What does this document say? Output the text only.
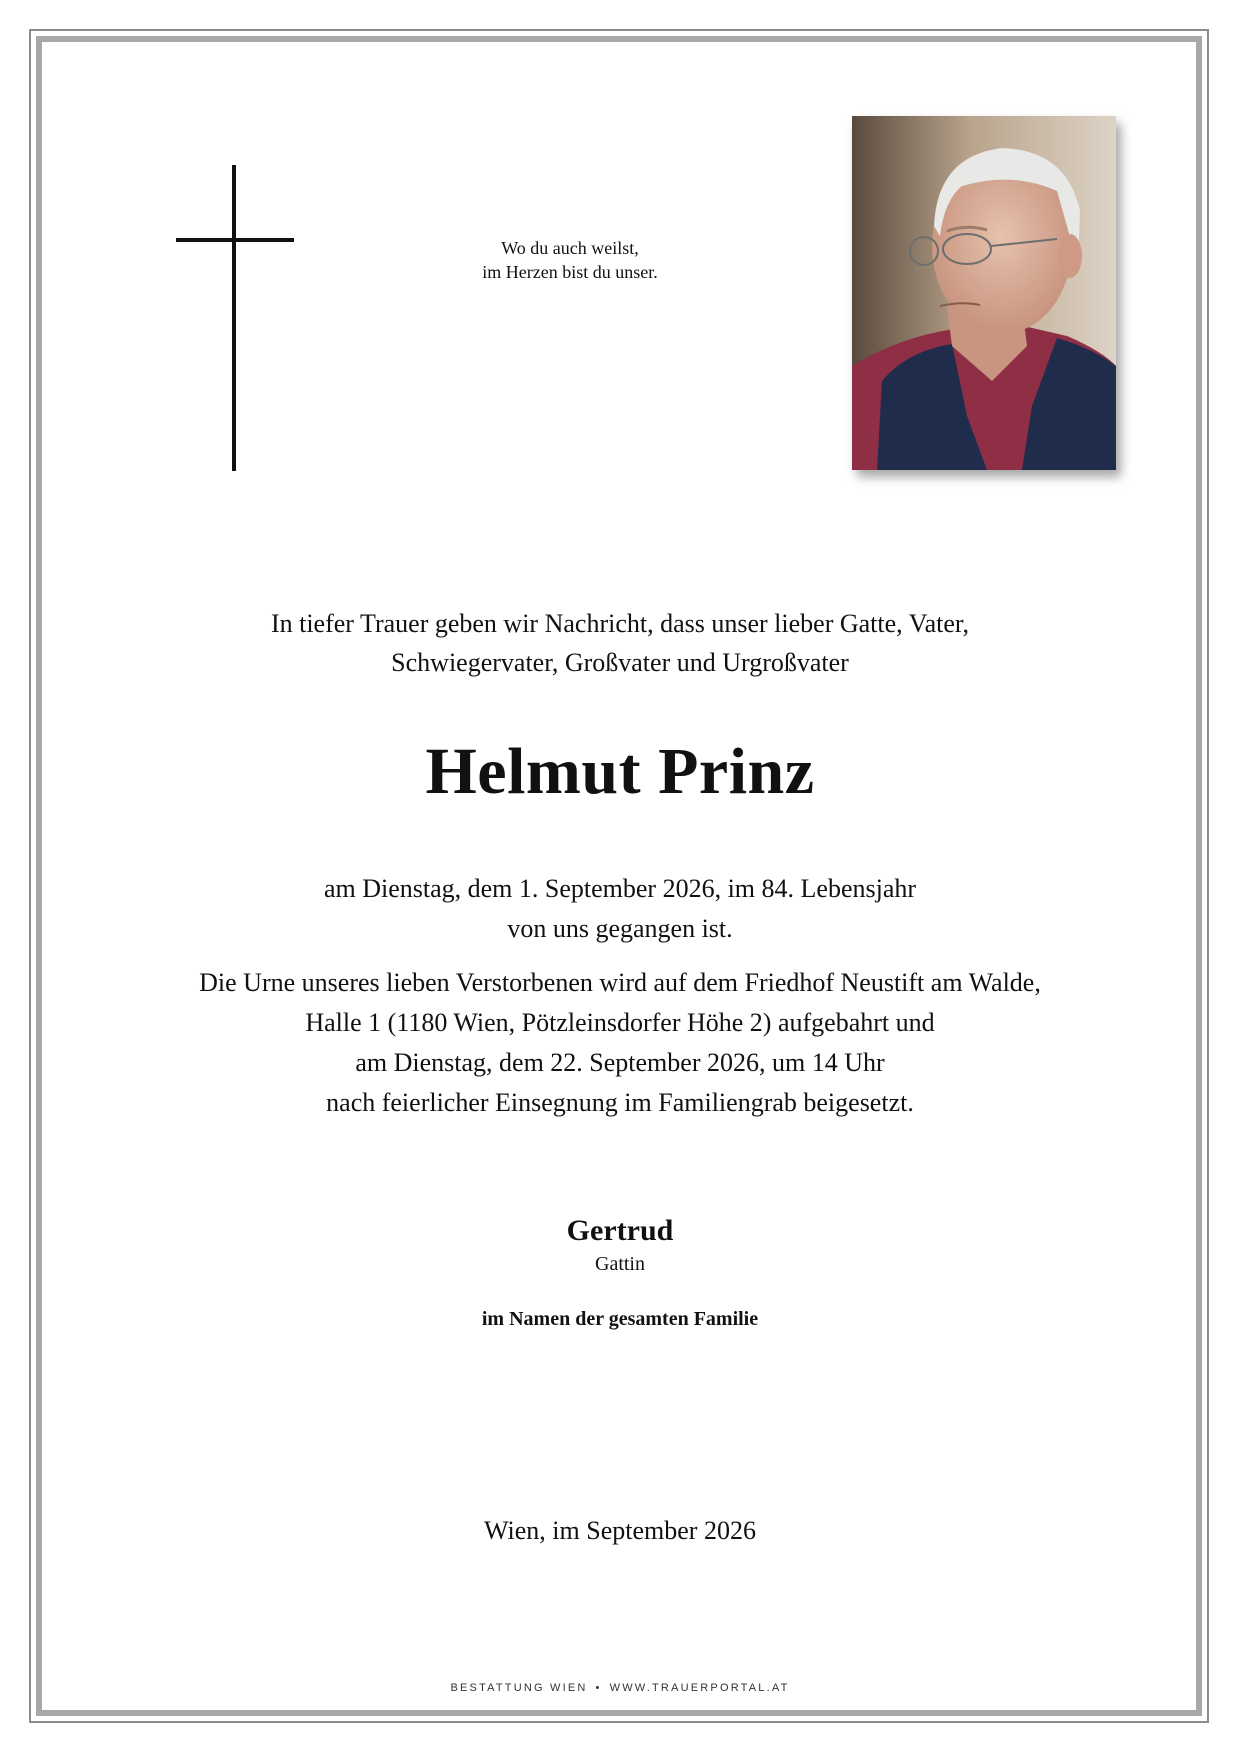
Wo du auch weilst,
im Herzen bist du unser.
In tiefer Trauer geben wir Nachricht, dass unser lieber Gatte, Vater,
Schwiegervater, Großvater und Urgroßvater
Helmut Prinz
am Dienstag, dem 1. September 2026, im 84. Lebensjahr
von uns gegangen ist.
Die Urne unseres lieben Verstorbenen wird auf dem Friedhof Neustift am Walde,
Halle 1 (1180 Wien, Pötzleinsdorfer Höhe 2) aufgebahrt und
am Dienstag, dem 22. September 2026, um 14 Uhr
nach feierlicher Einsegnung im Familiengrab beigesetzt.
Gertrud
Gattin
im Namen der gesamten Familie
Wien, im September 2026
BESTATTUNG WIEN • WWW.TRAUERPORTAL.AT
